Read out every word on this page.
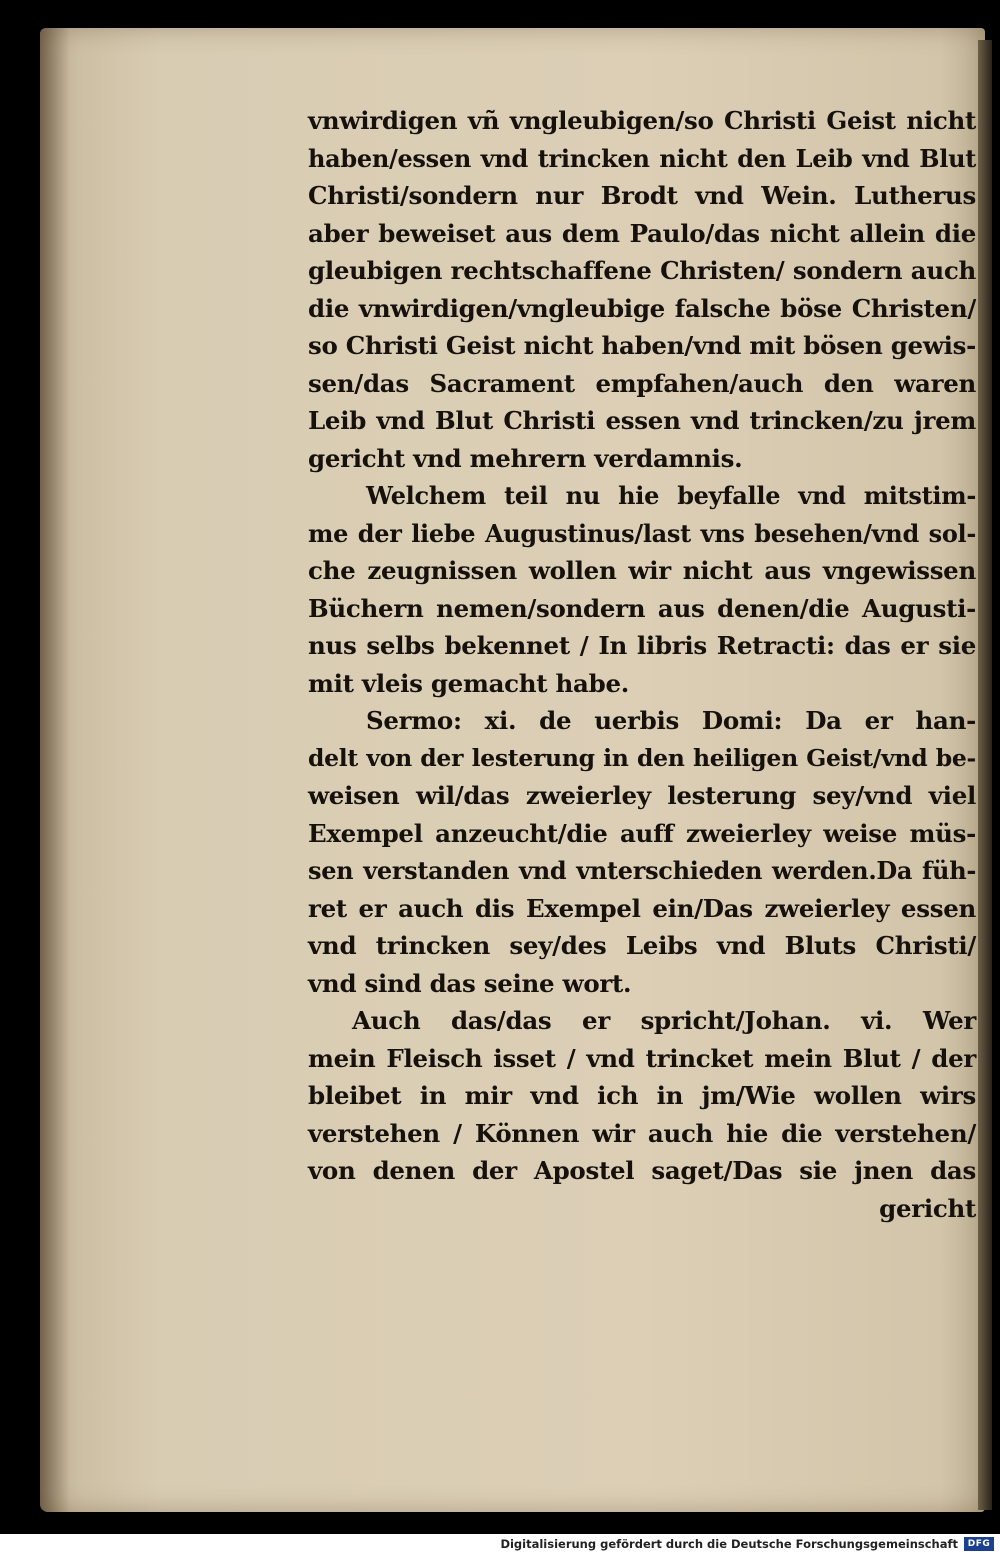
vnwirdigen vñ vngleubigen/so Christi Geist nicht
haben/essen vnd trincken nicht den Leib vnd Blut
Christi/sondern nur Brodt vnd Wein. Lutherus
aber beweiset aus dem Paulo/das nicht allein die
gleubigen rechtschaffene Christen/ sondern auch
die vnwirdigen/vngleubige falsche böse Christen/
so Christi Geist nicht haben/vnd mit bösen gewis-
sen/das Sacrament empfahen/auch den waren
Leib vnd Blut Christi essen vnd trincken/zu jrem
gericht vnd mehrern verdamnis.
Welchem teil nu hie beyfalle vnd mitstim-
me der liebe Augustinus/last vns besehen/vnd sol-
che zeugnissen wollen wir nicht aus vngewissen
Büchern nemen/sondern aus denen/die Augusti-
nus selbs bekennet / In libris Retracti: das er sie
mit vleis gemacht habe.
Sermo: xi. de uerbis Domi: Da er han-
delt von der lesterung in den heiligen Geist/vnd be-
weisen wil/das zweierley lesterung sey/vnd viel
Exempel anzeucht/die auff zweierley weise müs-
sen verstanden vnd vnterschieden werden.Da füh-
ret er auch dis Exempel ein/Das zweierley essen
vnd trincken sey/des Leibs vnd Bluts Christi/
vnd sind das seine wort.
Auch das/das er spricht/Johan. vi. Wer
mein Fleisch isset / vnd trincket mein Blut / der
bleibet in mir vnd ich in jm/Wie wollen wirs
verstehen / Können wir auch hie die verstehen/
von denen der Apostel saget/Das sie jnen das
gericht
Digitalisierung gefördert durch die Deutsche Forschungsgemeinschaft	DFG
